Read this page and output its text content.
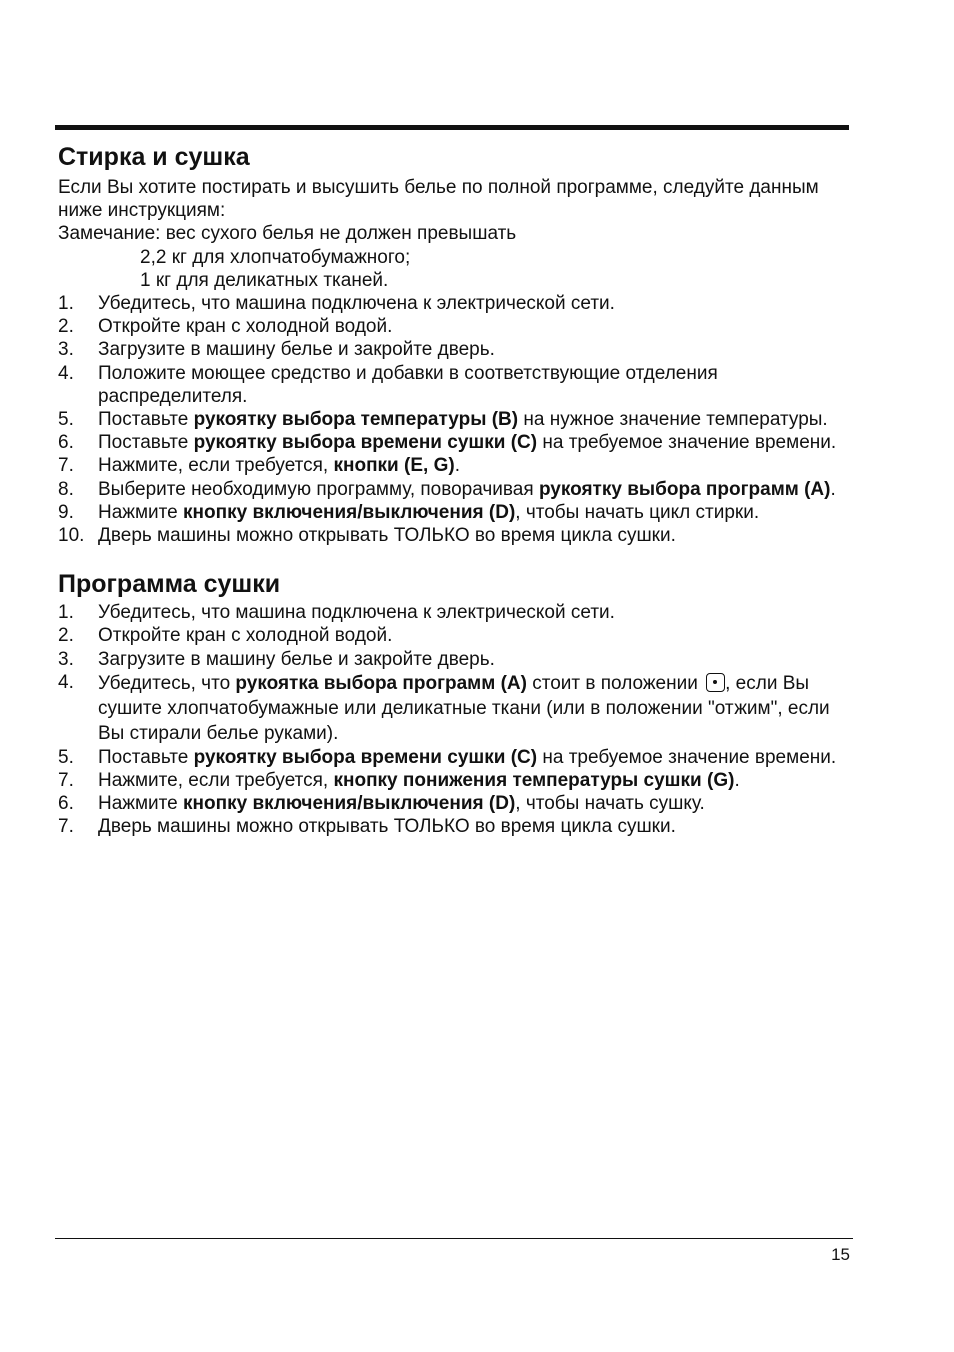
Стирка и сушка

Если Вы хотите постирать и высушить белье по полной программе, следуйте данным ниже инструкциям:

Замечание: вес сухого белья не должен превышать

2,2 кг для хлопчатобумажного;

1 кг для деликатных тканей.

1.	Убедитесь, что машина подключена к электрической сети.
2.	Откройте кран с холодной водой.
3.	Загрузите в машину белье и закройте дверь.
4.	Положите моющее средство и добавки в соответствующие отделения распределителя.
5.	Поставьте рукоятку выбора температуры (B) на нужное значение температуры.
6.	Поставьте рукоятку выбора времени сушки (C) на требуемое значение времени.
7.	Нажмите, если требуется, кнопки (E, G).
8.	Выберите необходимую программу, поворачивая рукоятку выбора программ (A).
9.	Нажмите кнопку включения/выключения (D), чтобы начать цикл стирки.
10. Дверь машины можно открывать ТОЛЬКО во время цикла сушки.
Программа сушки
1.	Убедитесь, что машина подключена к электрической сети.
2.	Откройте кран с холодной водой.
3.	Загрузите в машину белье и закройте дверь.
4.	Убедитесь, что рукоятка выбора программ (A) стоит в положении , если Вы сушите хлопчатобумажные или деликатные ткани (или в положении "отжим", если Вы стирали белье руками).
5.	Поставьте рукоятку выбора времени сушки (C) на требуемое значение времени.
7.	Нажмите, если требуется, кнопку понижения температуры сушки (G).
6.	Нажмите кнопку включения/выключения (D), чтобы начать сушку.
7.	Дверь машины можно открывать ТОЛЬКО во время цикла сушки.
15
